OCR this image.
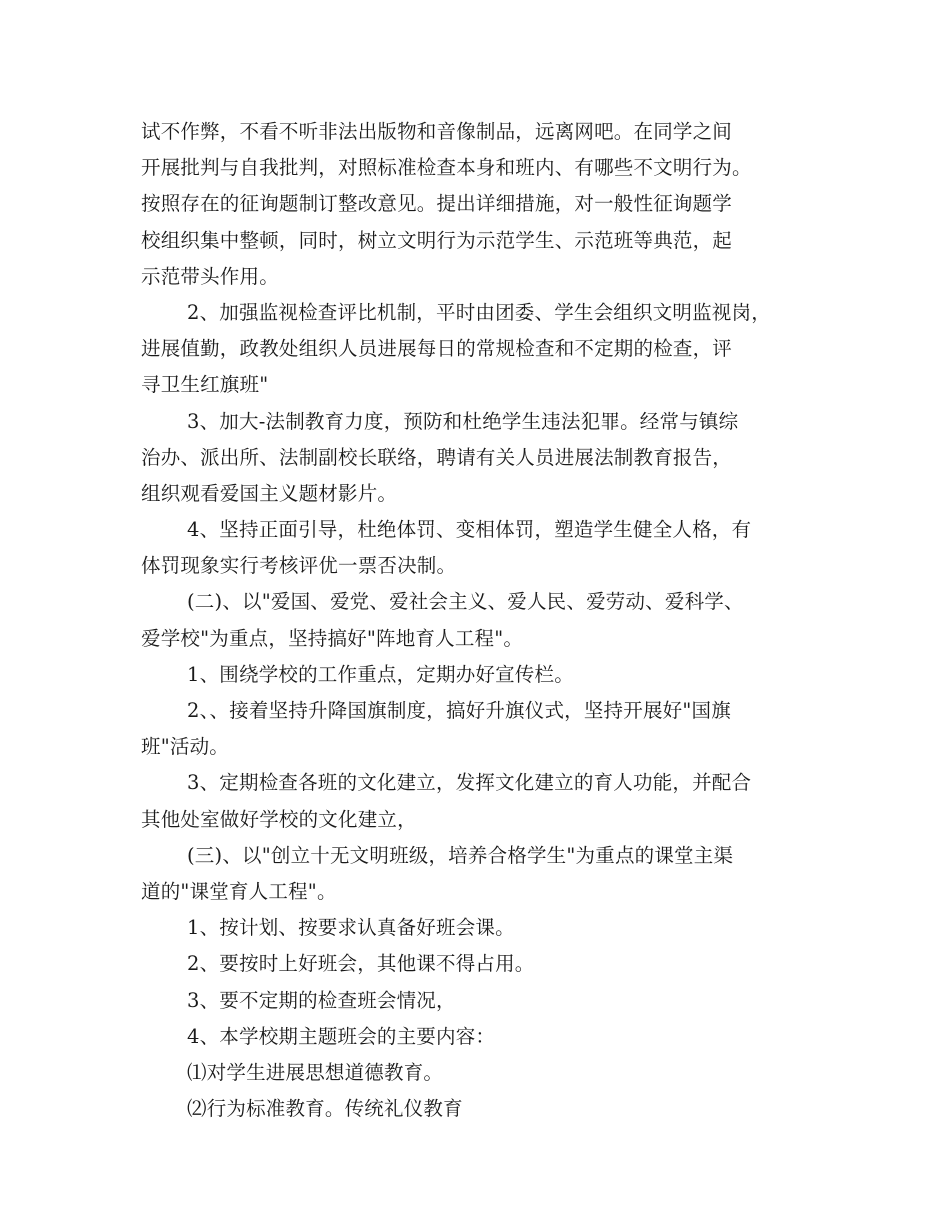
试不作弊，不看不听非法出版物和音像制品，远离网吧。在同学之间
开展批判与自我批判，对照标准检查本身和班内、有哪些不文明行为。
按照存在的征询题制订整改意见。提出详细措施，对一般性征询题学
校组织集中整顿，同时，树立文明行为示范学生、示范班等典范，起
示范带头作用。
2、加强监视检查评比机制，平时由团委、学生会组织文明监视岗，
进展值勤，政教处组织人员进展每日的常规检查和不定期的检查，评
寻卫生红旗班"
3、加大-法制教育力度，预防和杜绝学生违法犯罪。经常与镇综
治办、派出所、法制副校长联络，聘请有关人员进展法制教育报告，
组织观看爱国主义题材影片。
4、坚持正面引导，杜绝体罚、变相体罚，塑造学生健全人格，有
体罚现象实行考核评优一票否决制。
(二)、以"爱国、爱党、爱社会主义、爱人民、爱劳动、爱科学、
爱学校"为重点，坚持搞好"阵地育人工程"。
1、围绕学校的工作重点，定期办好宣传栏。
2、、接着坚持升降国旗制度，搞好升旗仪式，坚持开展好"国旗
班"活动。
3、定期检查各班的文化建立，发挥文化建立的育人功能，并配合
其他处室做好学校的文化建立，
(三)、以"创立十无文明班级，培养合格学生"为重点的课堂主渠
道的"课堂育人工程"。
1、按计划、按要求认真备好班会课。
2、要按时上好班会，其他课不得占用。
3、要不定期的检查班会情况，
4、本学校期主题班会的主要内容：
⑴对学生进展思想道德教育。
⑵行为标准教育。传统礼仪教育
